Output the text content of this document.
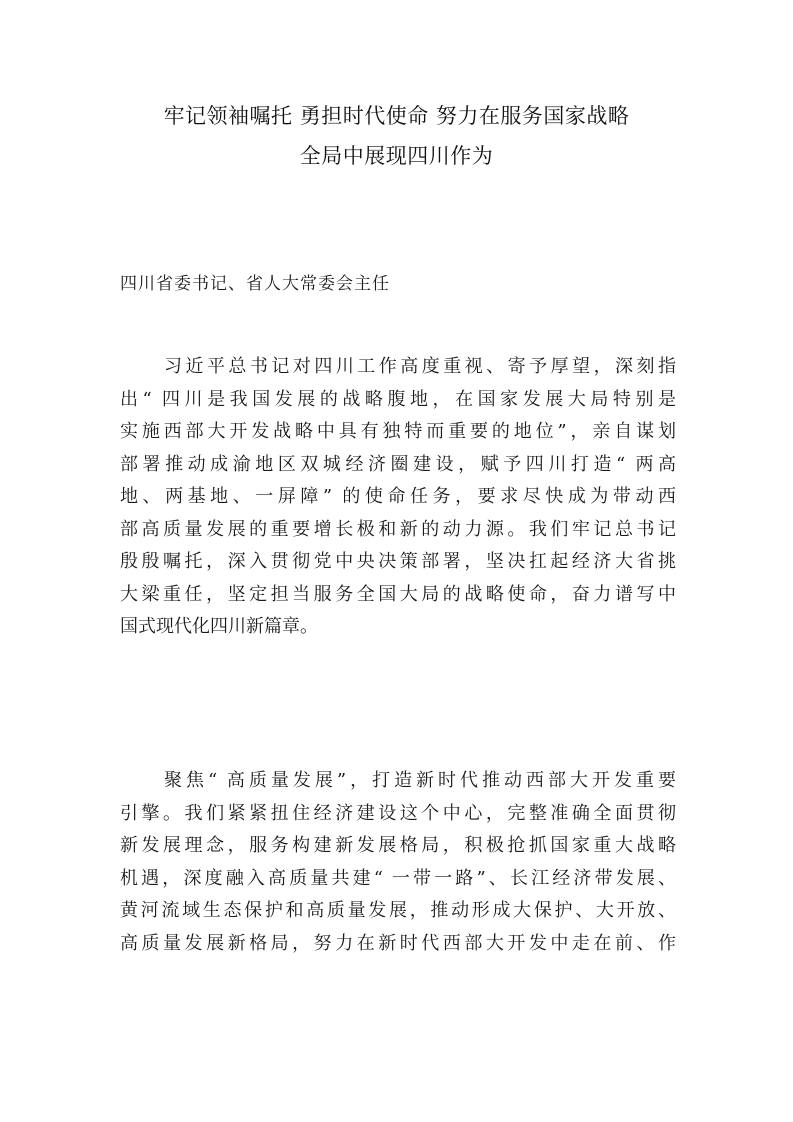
牢记领袖嘱托 勇担时代使命 努力在服务国家战略
全局中展现四川作为
四川省委书记、省人大常委会主任
习近平总书记对四川工作高度重视、寄予厚望，深刻指
出“ 四川是我国发展的战略腹地，在国家发展大局特别是
实施西部大开发战略中具有独特而重要的地位”，亲自谋划
部署推动成渝地区双城经济圈建设，赋予四川打造“ 两高
地、两基地、一屏障” 的使命任务，要求尽快成为带动西
部高质量发展的重要增长极和新的动力源。我们牢记总书记
殷殷嘱托，深入贯彻党中央决策部署，坚决扛起经济大省挑
大梁重任，坚定担当服务全国大局的战略使命，奋力谱写中
国式现代化四川新篇章。
聚焦“ 高质量发展”，打造新时代推动西部大开发重要
引擎。我们紧紧扭住经济建设这个中心，完整准确全面贯彻
新发展理念，服务构建新发展格局，积极抢抓国家重大战略
机遇，深度融入高质量共建“ 一带一路”、长江经济带发展、
黄河流域生态保护和高质量发展，推动形成大保护、大开放、
高质量发展新格局，努力在新时代西部大开发中走在前、作
